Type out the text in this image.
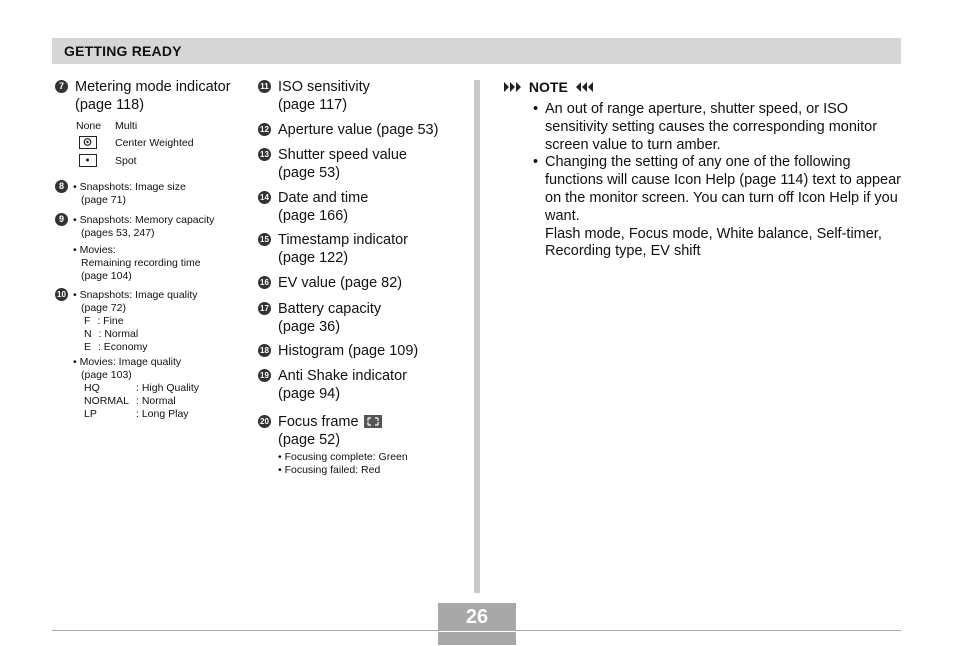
GETTING READY
7 Metering mode indicator
(page 118)
None Multi
Center Weighted
Spot
8 • Snapshots: Image size
(page 71)
9 • Snapshots: Memory capacity
(pages 53, 247)
• Movies:
Remaining recording time
(page 104)
10 • Snapshots: Image quality
(page 72)
F : Fine
N : Normal
E : Economy
• Movies: Image quality
(page 103)
HQ	: High Quality
NORMAL : Normal
LP	: Long Play
11 ISO sensitivity
(page 117)
12 Aperture value (page 53)
13 Shutter speed value
(page 53)
14 Date and time
(page 166)
15 Timestamp indicator
(page 122)
16 EV value (page 82)
17 Battery capacity
(page 36)
18 Histogram (page 109)
19 Anti Shake indicator
(page 94)
20 Focus frame

(page 52)
• Focusing complete: Green
• Focusing failed: Red
NOTE
• An out of range aperture, shutter speed, or ISO sensitivity setting causes the corresponding monitor screen value to turn amber.
• Changing the setting of any one of the following functions will cause Icon Help (page 114) text to appear on the monitor screen. You can turn off Icon Help if you want.
Flash mode, Focus mode, White balance, Self-timer, Recording type, EV shift
26
